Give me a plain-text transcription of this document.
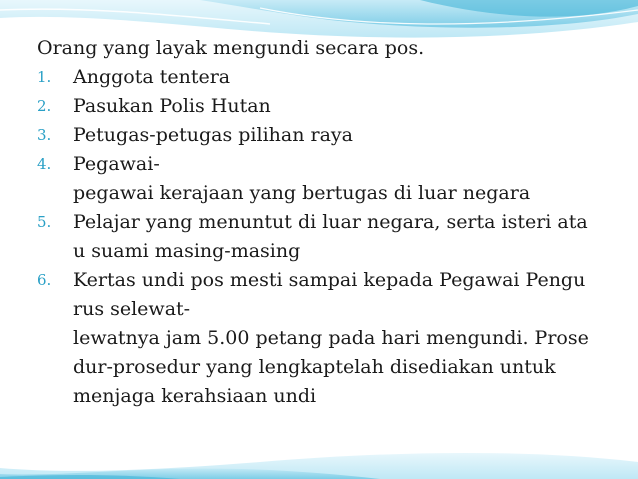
Orang yang layak mengundi secara pos.
1.	Anggota tentera
2.	Pasukan Polis Hutan
3.	Petugas-petugas pilihan raya
4.	Pegawai-
pegawai kerajaan yang bertugas di luar negara
5.	Pelajar yang menuntut di luar negara, serta isteri ata
u suami masing-masing
6.	Kertas undi pos mesti sampai kepada Pegawai Pengu
rus selewat-
lewatnya jam 5.00 petang pada hari mengundi. Prose
dur-prosedur yang lengkaptelah disediakan untuk
menjaga kerahsiaan undi
